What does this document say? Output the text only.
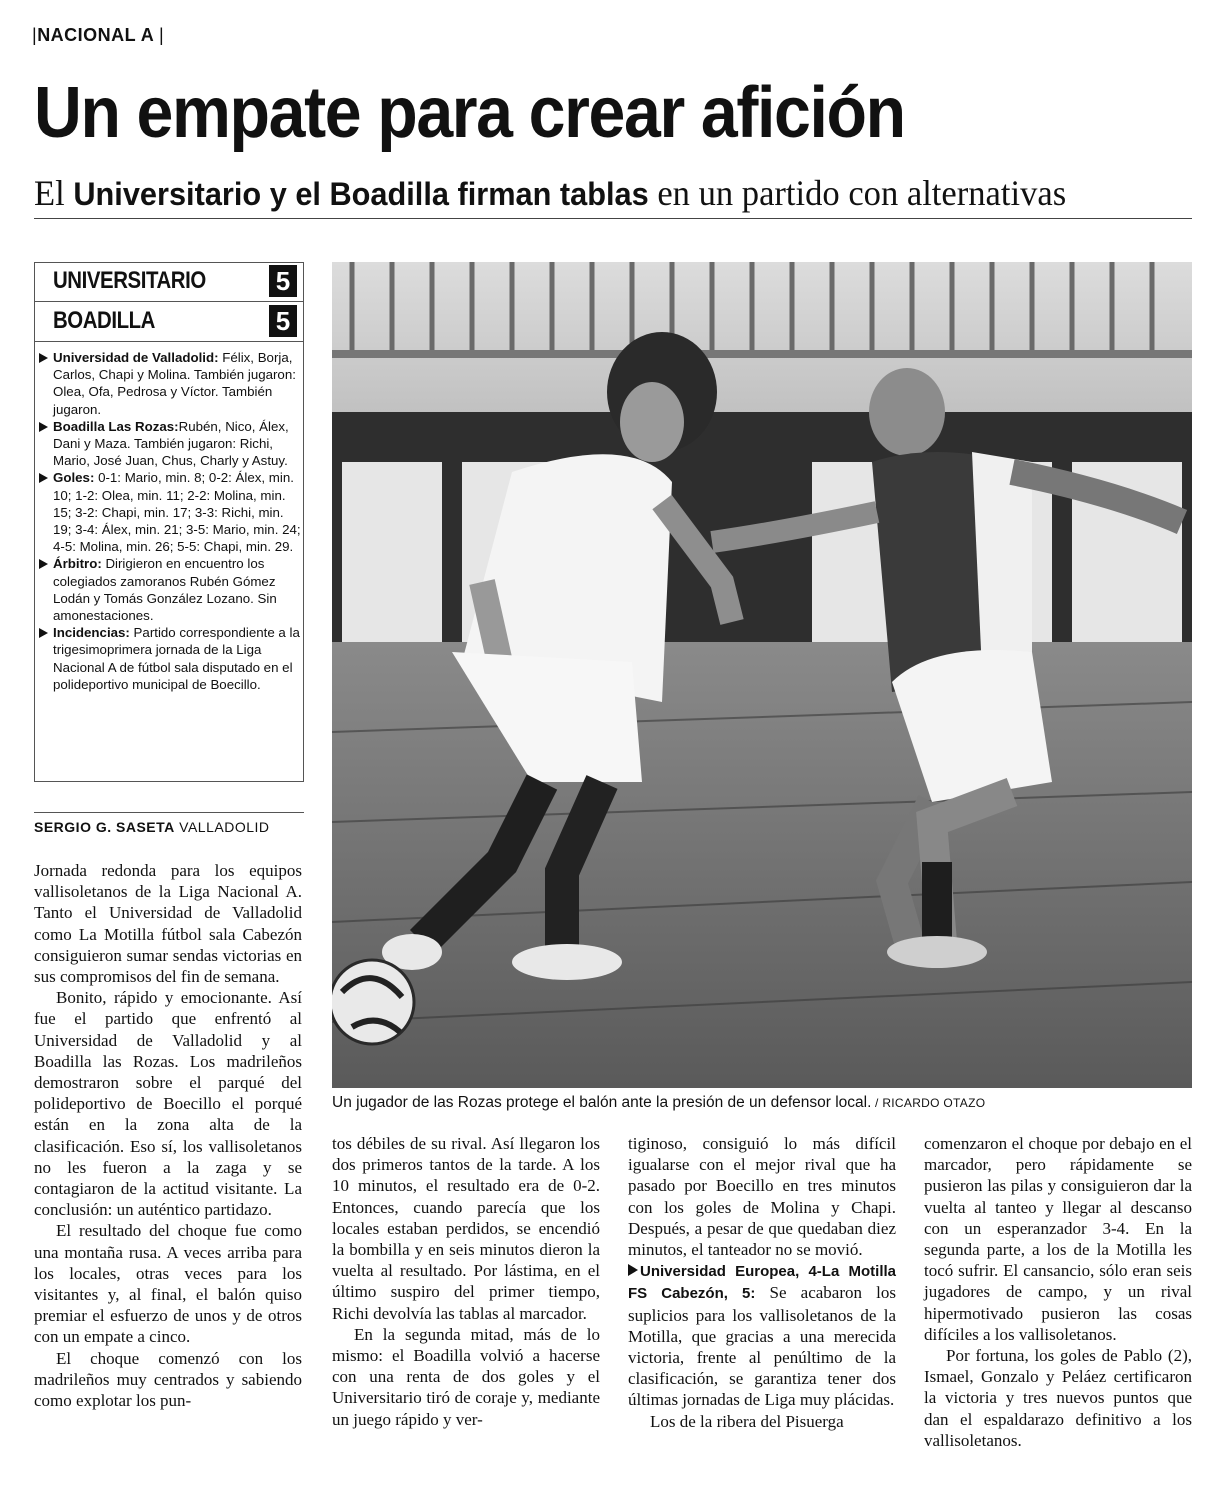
|NACIONAL A |
Un empate para crear afición
El Universitario y el Boadilla firman tablas en un partido con alternativas
UNIVERSITARIO	5
BOADILLA	5
Universidad de Valladolid: Félix, Borja, Carlos, Chapi y Molina. También jugaron: Olea, Ofa, Pedrosa y Víctor. También jugaron.
Boadilla Las Rozas:Rubén, Nico, Álex, Dani y Maza. También jugaron: Richi, Mario, José Juan, Chus, Charly y Astuy.
Goles: 0-1: Mario, min. 8; 0-2: Álex, min. 10; 1-2: Olea, min. 11; 2-2: Molina, min. 15; 3-2: Chapi, min. 17; 3-3: Richi, min. 19; 3-4: Álex, min. 21; 3-5: Mario, min. 24; 4-5: Molina, min. 26; 5-5: Chapi, min. 29.
Árbitro: Dirigieron en encuentro los colegiados zamoranos Rubén Gómez Lodán y Tomás González Lozano. Sin amonestaciones.
Incidencias: Partido correspondiente a la trigesimoprimera jornada de la Liga Nacional A de fútbol sala disputado en el polideportivo municipal de Boecillo.
SERGIO G. SASETA VALLADOLID
Un jugador de las Rozas protege el balón ante la presión de un defensor local. / RICARDO OTAZO

Jornada redonda para los equipos vallisoletanos de la Liga Nacional A. Tanto el Universidad de Valladolid como La Motilla fútbol sala Cabezón consiguieron sumar sendas victorias en sus compromisos del fin de semana.

Bonito, rápido y emocionante. Así fue el partido que enfrentó al Universidad de Valladolid y al Boadilla las Rozas. Los madrileños demostraron sobre el parqué del polideportivo de Boecillo el porqué están en la zona alta de la clasificación. Eso sí, los vallisoletanos no les fueron a la zaga y se contagiaron de la actitud visitante. La conclusión: un auténtico partidazo.

El resultado del choque fue como una montaña rusa. A veces arriba para los locales, otras veces para los visitantes y, al final, el balón quiso premiar el esfuerzo de unos y de otros con un empate a cinco.

El choque comenzó con los madrileños muy centrados y sabiendo como explotar los pun-

tos débiles de su rival. Así llegaron los dos primeros tantos de la tarde. A los 10 minutos, el resultado era de 0-2. Entonces, cuando parecía que los locales estaban perdidos, se encendió la bombilla y en seis minutos dieron la vuelta al resultado. Por lástima, en el último suspiro del primer tiempo, Richi devolvía las tablas al marcador.

En la segunda mitad, más de lo mismo: el Boadilla volvió a hacerse con una renta de dos goles y el Universitario tiró de coraje y, mediante un juego rápido y ver-

tiginoso, consiguió lo más difícil igualarse con el mejor rival que ha pasado por Boecillo en tres minutos con los goles de Molina y Chapi. Después, a pesar de que quedaban diez minutos, el tanteador no se movió.

Universidad Europea, 4-La Motilla FS Cabezón, 5: Se acabaron los suplicios para los vallisoletanos de la Motilla, que gracias a una merecida victoria, frente al penúltimo de la clasificación, se garantiza tener dos últimas jornadas de Liga muy plácidas.

Los de la ribera del Pisuerga

comenzaron el choque por debajo en el marcador, pero rápidamente se pusieron las pilas y consiguieron dar la vuelta al tanteo y llegar al descanso con un esperanzador 3-4. En la segunda parte, a los de la Motilla les tocó sufrir. El cansancio, sólo eran seis jugadores de campo, y un rival hipermotivado pusieron las cosas difíciles a los vallisoletanos.

Por fortuna, los goles de Pablo (2), Ismael, Gonzalo y Peláez certificaron la victoria y tres nuevos puntos que dan el espaldarazo definitivo a los vallisoletanos.
